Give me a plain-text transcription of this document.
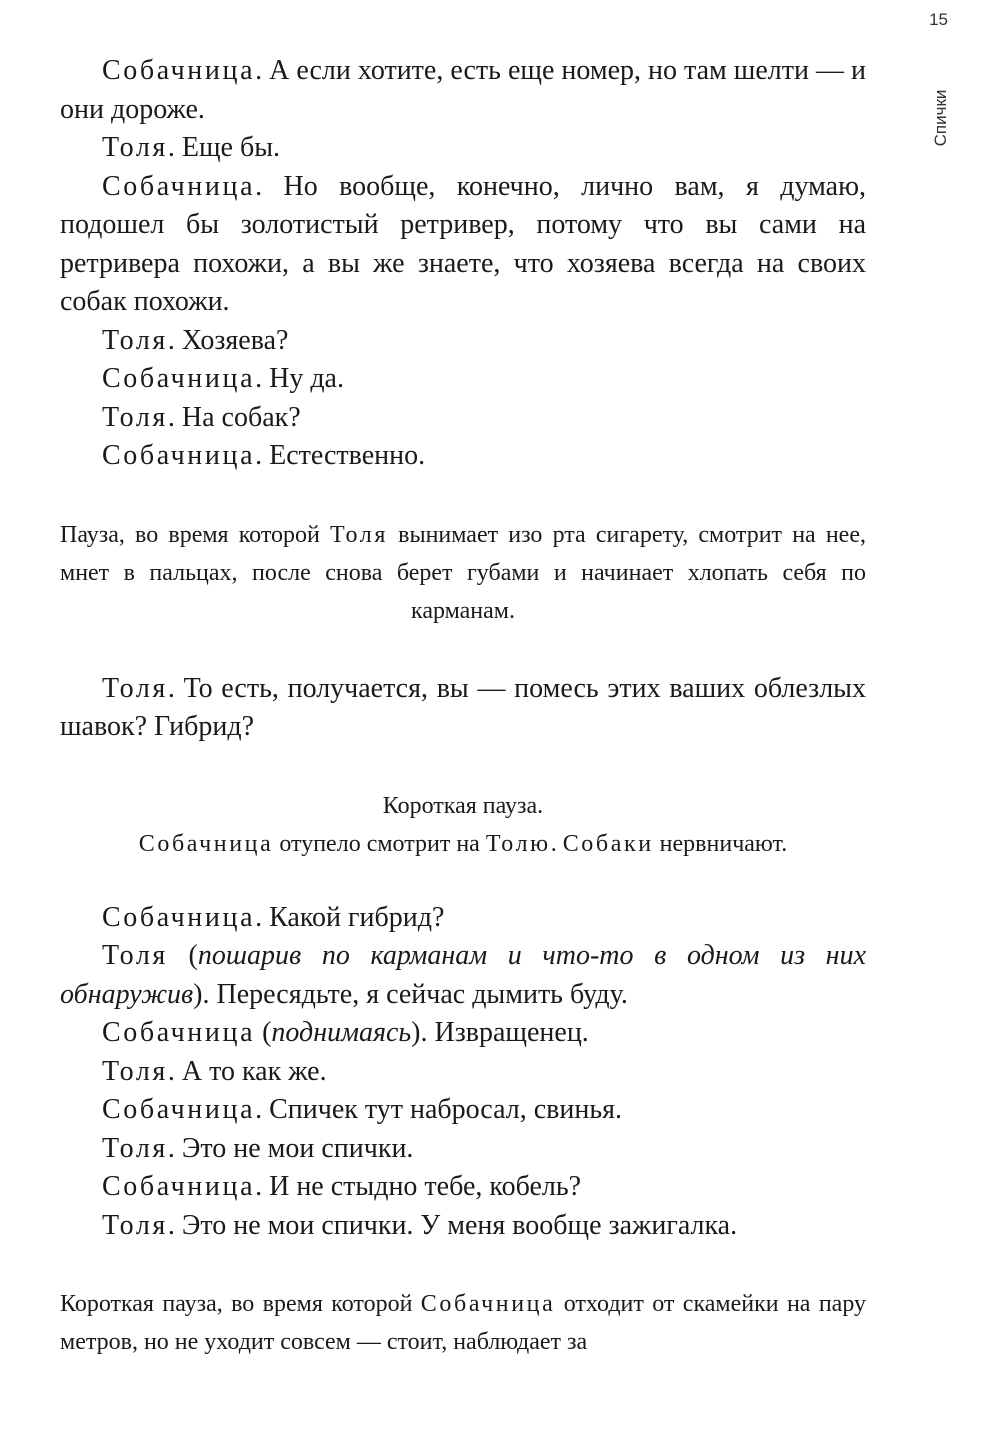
15
Спички

Собачница. А если хотите, есть еще номер, но там шелти — и они дороже.

Толя. Еще бы.

Собачница. Но вообще, конечно, лично вам, я думаю, подошел бы золотистый ретривер, потому что вы сами на ретривера похожи, а вы же знаете, что хозяева всегда на своих собак похожи.

Толя. Хозяева?

Собачница. Ну да.

Толя. На собак?

Собачница. Естественно.

Пауза, во время которой Толя вынимает изо рта сигарету, смотрит на нее, мнет в пальцах, после снова берет губами и начинает хлопать себя по карманам.

Толя. То есть, получается, вы — помесь этих ваших облезлых шавок? Гибрид?

Короткая пауза.
Собачница отупело смотрит на Толю. Собаки нервничают.

Собачница. Какой гибрид?

Толя (пошарив по карманам и что-то в одном из них обнаружив). Пересядьте, я сейчас дымить буду.

Собачница (поднимаясь). Извращенец.

Толя. А то как же.

Собачница. Спичек тут набросал, свинья.

Толя. Это не мои спички.

Собачница. И не стыдно тебе, кобель?

Толя. Это не мои спички. У меня вообще зажигалка.

Короткая пауза, во время которой Собачница отходит от скамейки на пару метров, но не уходит совсем — стоит, наблюдает за
